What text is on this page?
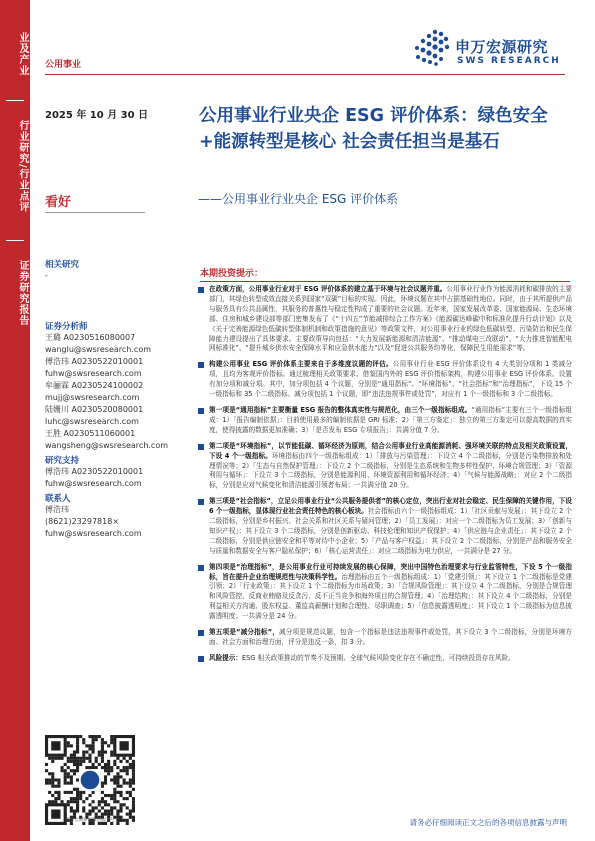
业及产业
行业研究/行业点评
证券研究报告
公用事业
申万宏源研究
SWS RESEARCH
2025 年 10 月 30 日
看好
公用事业行业央企 ESG 评价体系：绿色安全+能源转型是核心 社会责任担当是基石
——公用事业行业央企 ESG 评价体系
相关研究
-
证券分析师
王璐 A0230516080007
wanglu@swsresearch.com
傅浩玮 A0230522010001
fuhw@swsresearch.com
牟骊霖 A0230524100002
mujj@swsresearch.com
陆姗川 A0230520080001
luhc@swsresearch.com
王胜 A0230511060001
wangsheng@swsresearch.com
研究支持
傅浩玮 A0230522010001
fuhw@swsresearch.com
联系人
傅浩玮
(8621)23297818×
fuhw@swsresearch.com
本期投资提示：
在政策方面，公用事业行业对于 ESG 评价体系的建立基于环境与社会议题并重。公用事业行业作为能源消耗和碳排放的主要部门，其绿色转型成效直接关系到国家“双碳”目标的实现。因此，环境议题在其中占据基础性地位。同时，由于其所提供产品与服务具有公共品属性，其服务的普惠性与稳定性构成了重要的社会议题。近年来，国家发展改革委、国家能源局、生态环境部、住房和城乡建设部等部门密集发布了《“十四五”节能减排综合工作方案》《能源碳达峰碳中和标准化提升行动计划》以及《关于完善能源绿色低碳转型体制机制和政策措施的意见》等政策文件，对公用事业行业的绿色低碳转型、污染防治和民生保障能力建设提出了具体要求。主要政策导向包括：“大力发展新能源和清洁能源”、“推动煤电三改联动”、“大力推进智能配电网标准化”、“提升城乡供水安全保障水平和应急供水能力”以及“促进公共服务均等化，保障民生用能需求”等。
构建公用事业 ESG 评价体系主要来自于多维度议题的评估。公用事业行业 ESG 评价体系设有 4 大类别分项和 1 类减分项，且均为客观评价指标。通过梳理相关政策要求、借鉴国内外的 ESG 评价指标架构，构建公用事业 ESG 评价体系。设置有加分项和减分项。其中，加分项包括 4 个议题，分别是“通用指标”、“环境指标”、“社会指标”和“治理指标”，下设 15 个一级指标和 35 个二级指标。减分项包括 1 个议题，即“违法违规事件或处罚”，对应有 1 个一级指标和 3 个二级指标。
第一项是“通用指标”主要衡量 ESG 报告的整体真实性与规范化，由三个一级指标组成。“通用指标”主要有三个一级指标组成：1）「报告编制依据」：目前使用最多的编制依据是 GRI 标准；2）「第三方鉴定」：独立的第三方鉴定可以提高数据的真实度，使得披露的数据更加准确；3）「是否发布 ESG 专项报告」：共满分值 7 分。
第二项是“环境指标”，以节能低碳、循环经济为原则，结合公用事业行业高能源消耗、强环境关联的特点及相关政策设置，下设 4 个一级指标。环境指标由四个一级指标组成：1）「排放与污染管理」：下设立 4 个二级指标，分别是污染物排放和处理情况等；2）「生态与自然保护管理」：下设立 2 个二级指标，分别是生态系统和生物多样性保护、环境合规管理；3）「资源利用与循环」：下设立 3 个二级指标，分别是能源利用、环境资源利用和循环经济；4）「气候与能源战略」：对应 2 个二级指标，分别是应对气候变化和清洁能源引领者布局；一共满分值 20 分。
第三项是“社会指标”，立足公用事业行业“公共服务提供者”的核心定位，突出行业对社会稳定、民生保障的关键作用，下设 6 个一级指标，显体现行业社会责任特色的核心板块。社会指标由六个一级指标组成：1）「社区贡献与发展」：其下设立 2 个二级指标，分别是乡村振兴、社会关系和社区关系与疑问管理；2）「员工发展」：对应一个二级指标为员工发展；3）「创新与知识产权」：其下设立 3 个二级指标，分别是创新驱动、科技伦理和知识产权保护；4）「供应链与企业责任」：其下设立 2 个二级指标，分别是供应链安全和平等对待中小企业；5）「产品与客户权益」：其下设立 2 个二级指标，分别是产品和服务安全与质量和数据安全与客户隐私保护；6）「核心运营责任」：对应二级指标为电力供应，一共满分是 27 分。
第四项是“治理指标”，是公用事业行业可持续发展的核心保障，突出中国特色治理要求与行业监管特性，下设 5 个一级指标，旨在提升企业治理规范性与决策科学性。治理指标由五个一级指标组成：1）「党建引领」：其下设立 1 个二级指标是党建引领；2）「行业政策」：其下设立 1 个二级指标为市场政策；3）「合规风险管理」：其下设立 4 个二级指标，分别是合规管理和风险管控、反商业贿赂及反贪污、反不正当竞争和海外项目的合规管理；4）「治理结构」：其下设立 4 个二级指标，分别是利益相关方沟通、股东权益、董监高薪酬计划和合理性、尽职调查；5）「信息披露透明度」：其下设立 1 个二级指标为信息披露透明度；一共满分是 24 分。
第五项是“减分指标”，减分项是规范议题，包含一个指标是违法违规事件或处罚，其下设立 3 个二级指标，分别是环境方面、社会方面和治理方面，评分是违反一条，扣 3 分。
风险提示：ESG 相关政策推动的节奏不及预期、全球气候风险变化存在不确定性、可持续投资存在风险。
申万宏源研究微信服务号	请务必仔细阅读正文之后的各项信息披露与声明
